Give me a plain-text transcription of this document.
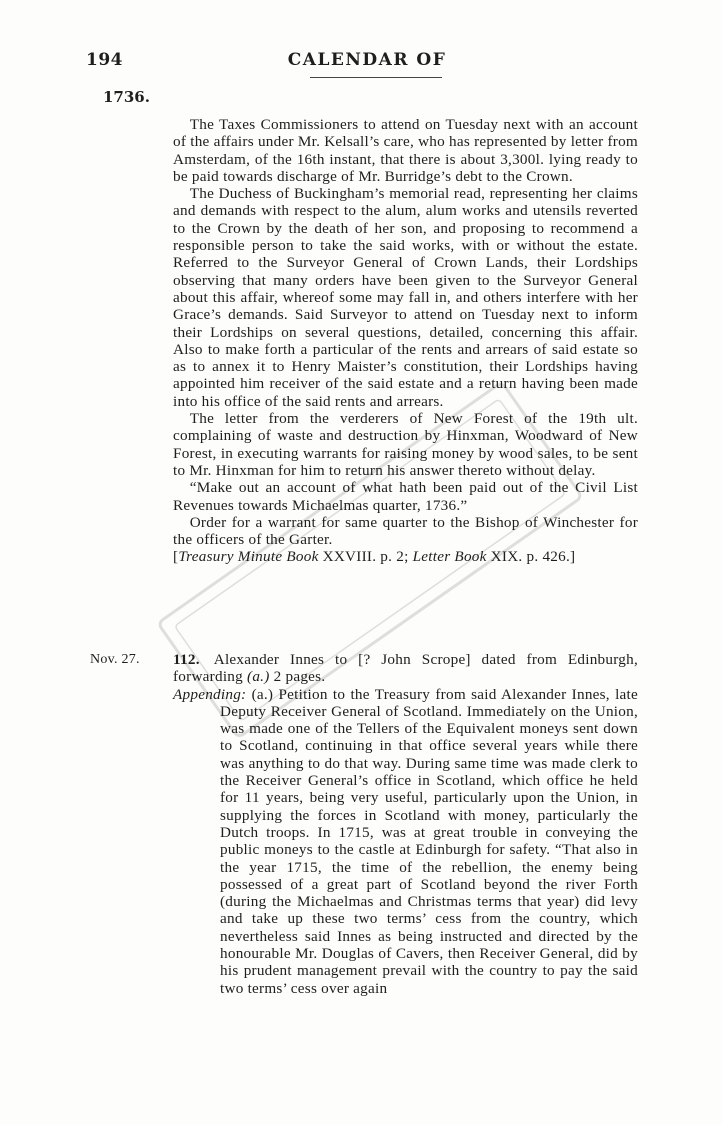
194	CALENDAR OF
1736.

The Taxes Commissioners to attend on Tuesday next with an account of the affairs under Mr. Kelsall’s care, who has represented by letter from Amsterdam, of the 16th instant, that there is about 3,300l. lying ready to be paid towards discharge of Mr. Burridge’s debt to the Crown.

The Duchess of Buckingham’s memorial read, representing her claims and demands with respect to the alum, alum works and utensils reverted to the Crown by the death of her son, and proposing to recommend a responsible person to take the said works, with or without the estate. Referred to the Surveyor General of Crown Lands, their Lordships observing that many orders have been given to the Surveyor General about this affair, whereof some may fall in, and others interfere with her Grace’s demands. Said Surveyor to attend on Tuesday next to inform their Lordships on several questions, detailed, concerning this affair. Also to make forth a particular of the rents and arrears of said estate so as to annex it to Henry Maister’s constitution, their Lordships having appointed him receiver of the said estate and a return having been made into his office of the said rents and arrears.

The letter from the verderers of New Forest of the 19th ult. complaining of waste and destruction by Hinxman, Woodward of New Forest, in executing warrants for raising money by wood sales, to be sent to Mr. Hinxman for him to return his answer thereto without delay.

“Make out an account of what hath been paid out of the Civil List Revenues towards Michaelmas quarter, 1736.”

Order for a warrant for same quarter to the Bishop of Winchester for the officers of the Garter.

[Treasury Minute Book XXVIII. p. 2; Letter Book XIX. p. 426.]

Nov. 27. 112. Alexander Innes to [? John Scrope] dated from Edinburgh, forwarding (a.) 2 pages.
Appending: (a.) Petition to the Treasury from said Alexander Innes, late Deputy Receiver General of Scotland. Immediately on the Union, was made one of the Tellers of the Equivalent moneys sent down to Scotland, continuing in that office several years while there was anything to do that way. During same time was made clerk to the Receiver General’s office in Scotland, which office he held for 11 years, being very useful, particularly upon the Union, in supplying the forces in Scotland with money, particularly the Dutch troops. In 1715, was at great trouble in conveying the public moneys to the castle at Edinburgh for safety. “That also in the year 1715, the time of the rebellion, the enemy being possessed of a great part of Scotland beyond the river Forth (during the Michaelmas and Christmas terms that year) did levy and take up these two terms’ cess from the country, which nevertheless said Innes as being instructed and directed by the honourable Mr. Douglas of Cavers, then Receiver General, did by his prudent management prevail with the country to pay the said two terms’ cess over again
